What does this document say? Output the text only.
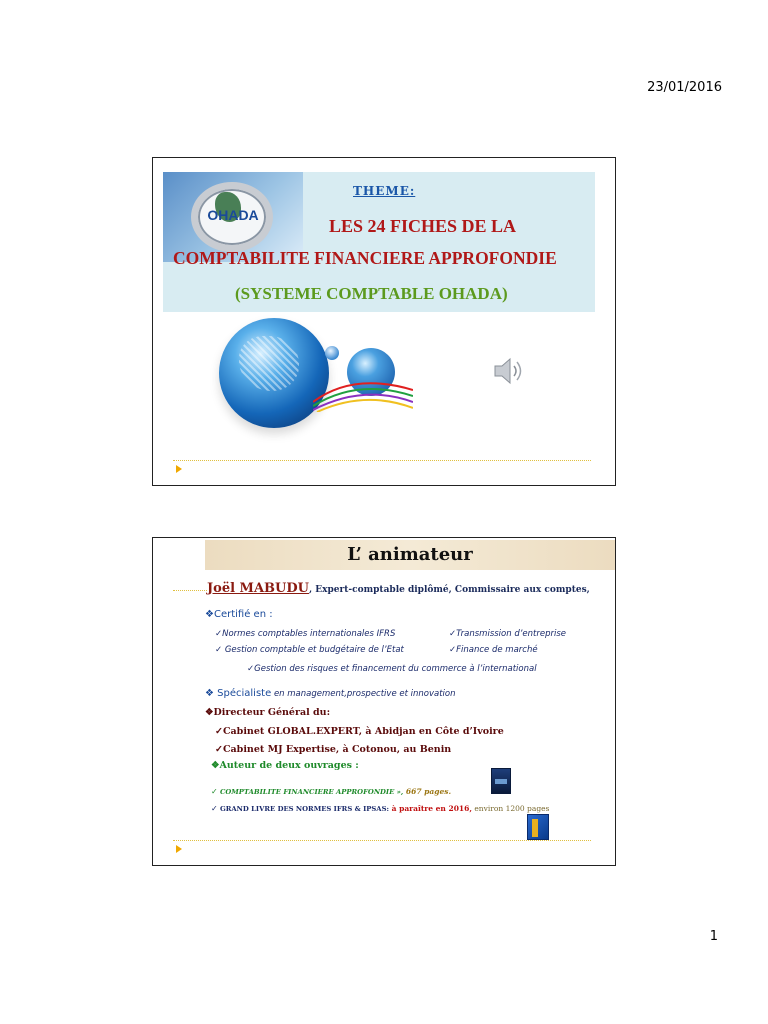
23/01/2016
OHADA
THEME:
LES 24 FICHES DE LA
COMPTABILITE FINANCIERE APPROFONDIE
(SYSTEME COMPTABLE OHADA)
L’ animateur
Joël MABUDU, Expert-comptable diplômé, Commissaire aux comptes,
❖Certifié en :
✓Normes comptables internationales IFRS	✓Transmission d’entreprise
✓ Gestion comptable et budgétaire de l’Etat	✓Finance de marché
✓Gestion des risques et financement du commerce à l’international
❖ Spécialiste en management,prospective et innovation
❖Directeur Général du:
✓Cabinet GLOBAL.EXPERT, à Abidjan en Côte d’Ivoire
✓Cabinet MJ Expertise, à Cotonou, au Benin
❖Auteur de deux ouvrages :
✓ COMPTABILITE FINANCIERE APPROFONDIE », 667 pages.
✓ GRAND LIVRE DES NORMES IFRS & IPSAS: à paraître en 2016, environ 1200 pages
1
